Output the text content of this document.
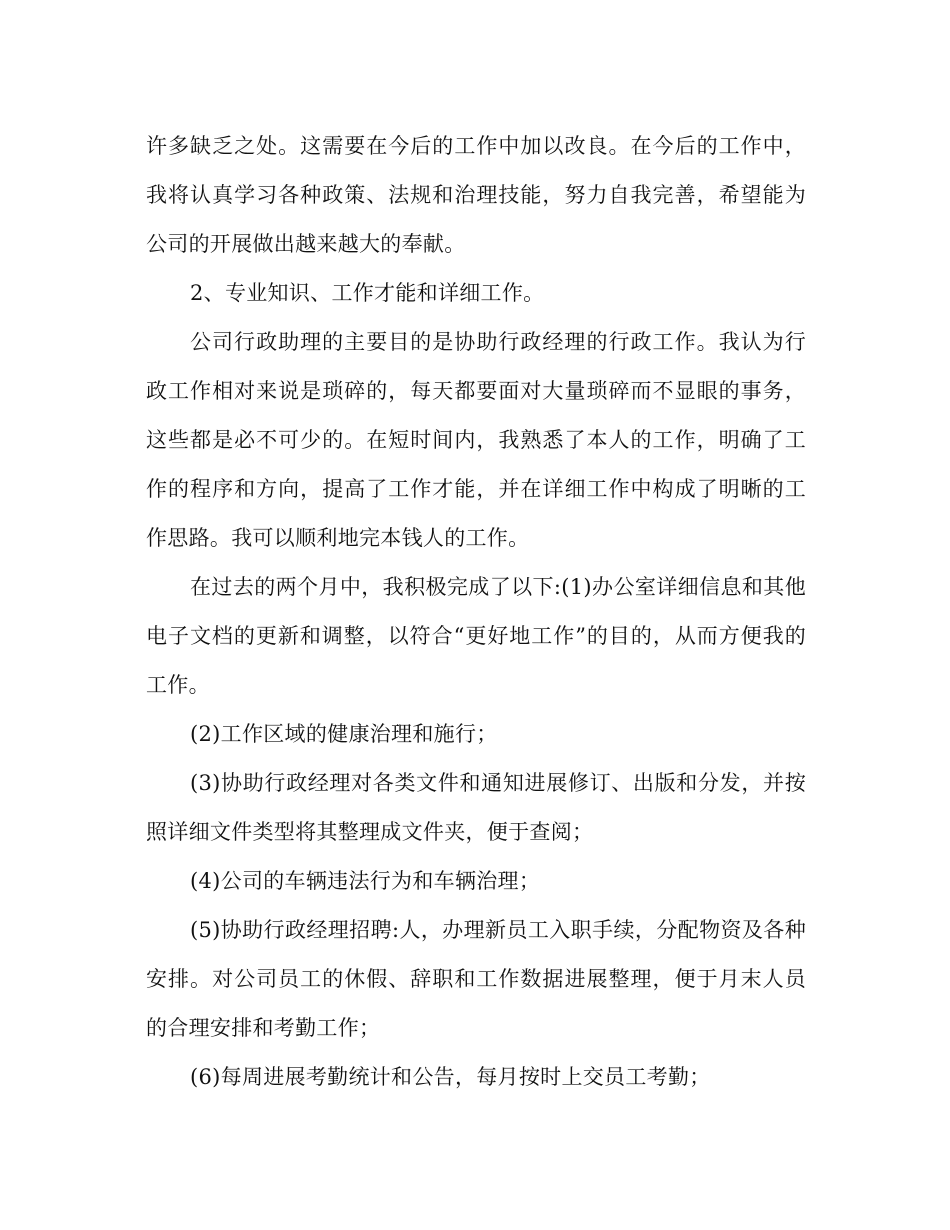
许多缺乏之处。这需要在今后的工作中加以改良。在今后的工作中，我将认真学习各种政策、法规和治理技能，努力自我完善，希望能为公司的开展做出越来越大的奉献。

2、专业知识、工作才能和详细工作。

公司行政助理的主要目的是协助行政经理的行政工作。我认为行政工作相对来说是琐碎的，每天都要面对大量琐碎而不显眼的事务，这些都是必不可少的。在短时间内，我熟悉了本人的工作，明确了工作的程序和方向，提高了工作才能，并在详细工作中构成了明晰的工作思路。我可以顺利地完本钱人的工作。

在过去的两个月中，我积极完成了以下:(1)办公室详细信息和其他电子文档的更新和调整，以符合“更好地工作”的目的，从而方便我的工作。

(2)工作区域的健康治理和施行；

(3)协助行政经理对各类文件和通知进展修订、出版和分发，并按照详细文件类型将其整理成文件夹，便于查阅；

(4)公司的车辆违法行为和车辆治理；

(5)协助行政经理招聘:人，办理新员工入职手续，分配物资及各种安排。对公司员工的休假、辞职和工作数据进展整理，便于月末人员的合理安排和考勤工作；

(6)每周进展考勤统计和公告，每月按时上交员工考勤；
